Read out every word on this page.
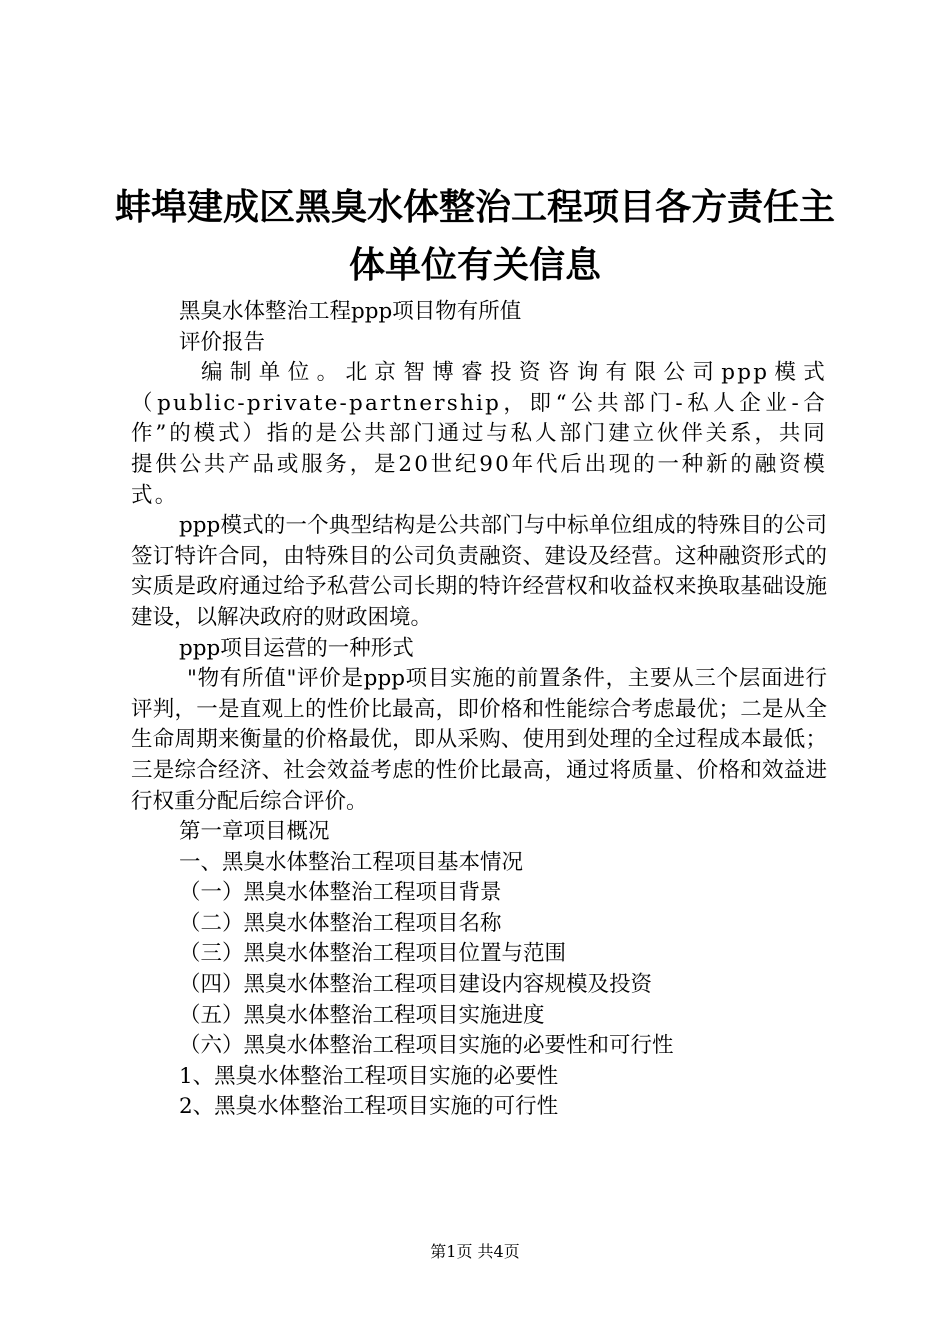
蚌埠建成区黑臭水体整治工程项目各方责任主
体单位有关信息

黑臭水体整治工程ppp项目物有所值

评价报告

编制单位。北京智博睿投资咨询有限公司ppp模式（public-private-partnership，即“公共部门-私人企业-合作”的模式）指的是公共部门通过与私人部门建立伙伴关系，共同提供公共产品或服务，是20世纪90年代后出现的一种新的融资模式。

ppp模式的一个典型结构是公共部门与中标单位组成的特殊目的公司签订特许合同，由特殊目的公司负责融资、建设及经营。这种融资形式的实质是政府通过给予私营公司长期的特许经营权和收益权来换取基础设施建设，以解决政府的财政困境。

ppp项目运营的一种形式

"物有所值"评价是ppp项目实施的前置条件，主要从三个层面进行评判，一是直观上的性价比最高，即价格和性能综合考虑最优；二是从全生命周期来衡量的价格最优，即从采购、使用到处理的全过程成本最低；三是综合经济、社会效益考虑的性价比最高，通过将质量、价格和效益进行权重分配后综合评价。

第一章项目概况

一、黑臭水体整治工程项目基本情况

（一）黑臭水体整治工程项目背景

（二）黑臭水体整治工程项目名称

（三）黑臭水体整治工程项目位置与范围

（四）黑臭水体整治工程项目建设内容规模及投资

（五）黑臭水体整治工程项目实施进度

（六）黑臭水体整治工程项目实施的必要性和可行性

1、黑臭水体整治工程项目实施的必要性

2、黑臭水体整治工程项目实施的可行性

第1页 共4页
